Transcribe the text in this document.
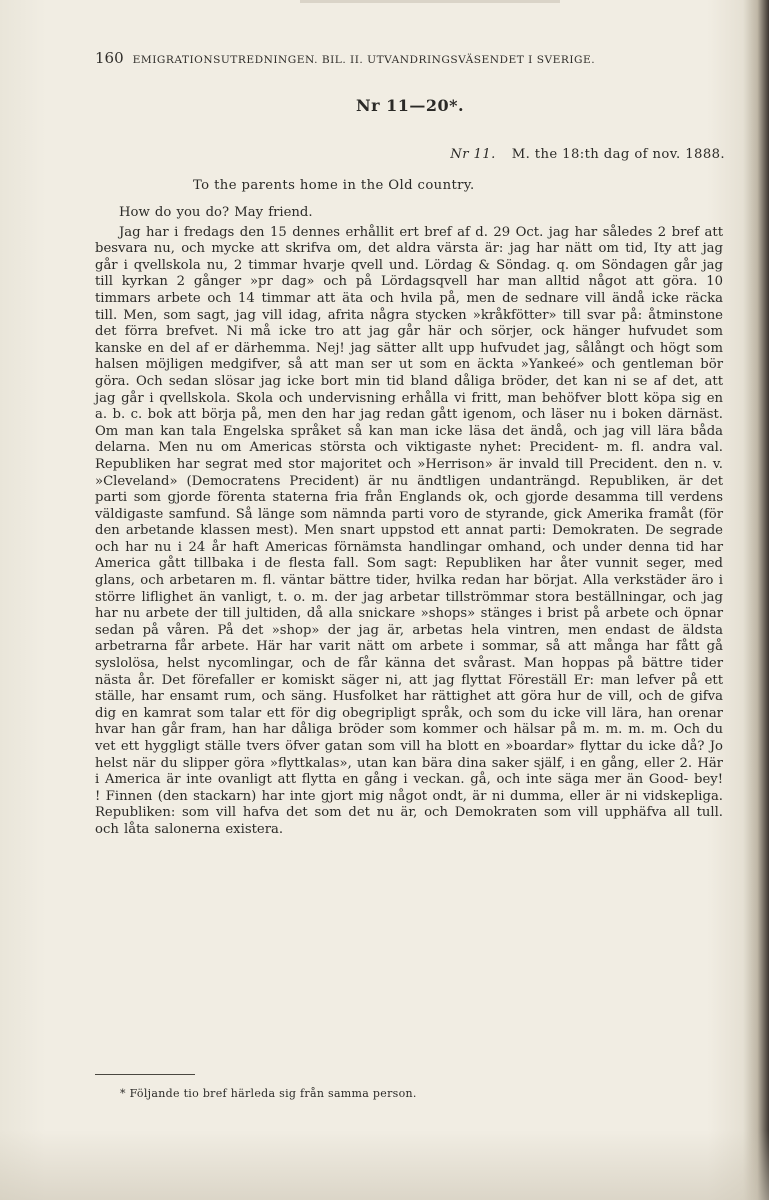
160 EMIGRATIONSUTREDNINGEN. BIL. II. UTVANDRINGSVÄSENDET I SVERIGE.
Nr 11—20*.
Nr 11. M. the 18:th dag of nov. 1888.
To the parents home in the Old country.

How do you do? May friend.

Jag har i fredags den 15 dennes erhållit ert bref af d. 29 Oct. jag har således 2 bref att besvara nu, och mycke att skrifva om, det aldra värsta är: jag har nätt om tid, Ity att jag går i qvellskola nu, 2 timmar hvarje qvell und. Lördag & Söndag. q. om Söndagen går jag till kyrkan 2 gånger »pr dag» och på Lördagsqvell har man alltid något att göra. 10 timmars arbete och 14 timmar att äta och hvila på, men de sednare vill ändå icke räcka till. Men, som sagt, jag vill idag, afrita några stycken »kråkfötter» till svar på: åtminstone det förra brefvet. Ni må icke tro att jag går här och sörjer, ock hänger hufvudet som kanske en del af er därhemma. Nej! jag sätter allt upp hufvudet jag, sålångt och högt som halsen möjligen medgifver, så att man ser ut som en äckta »Yankeé» och gentleman bör göra. Och sedan slösar jag icke bort min tid bland dåliga bröder, det kan ni se af det, att jag går i qvellskola. Skola och undervisning erhålla vi fritt, man behöfver blott köpa sig en a. b. c. bok att börja på, men den har jag redan gått igenom, och läser nu i boken därnäst. Om man kan tala Engelska språket så kan man icke läsa det ändå, och jag vill lära båda delarna. Men nu om Americas största och viktigaste nyhet: Precident- m. fl. andra val. Republiken har segrat med stor majoritet och »Herrison» är invald till Precident. den n. v. »Cleveland» (Democratens Precident) är nu ändtligen undanträngd. Republiken, är det parti som gjorde förenta staterna fria från Englands ok, och gjorde desamma till verdens väldigaste samfund. Så länge som nämnda parti voro de styrande, gick Amerika framåt (för den arbetande klassen mest). Men snart uppstod ett annat parti: Demokraten. De segrade och har nu i 24 år haft Americas förnämsta handlingar omhand, och under denna tid har America gått tillbaka i de flesta fall. Som sagt: Republiken har åter vunnit seger, med glans, och arbetaren m. fl. väntar bättre tider, hvilka redan har börjat. Alla verkstäder äro i större liflighet än vanligt, t. o. m. der jag arbetar tillströmmar stora beställningar, och jag har nu arbete der till jultiden, då alla snickare »shops» stänges i brist på arbete och öpnar sedan på våren. På det »shop» der jag är, arbetas hela vintren, men endast de äldsta arbetrarna får arbete. Här har varit nätt om arbete i sommar, så att många har fått gå syslolösa, helst nycomlingar, och de får känna det svårast. Man hoppas på bättre tider nästa år. Det förefaller er komiskt säger ni, att jag flyttat Föreställ Er: man lefver på ett ställe, har ensamt rum, och säng. Husfolket har rättighet att göra hur de vill, och de gifva dig en kamrat som talar ett för dig obegripligt språk, och som du icke vill lära, han orenar hvar han går fram, han har dåliga bröder som kommer och hälsar på m. m. m. m. Och du vet ett hyggligt ställe tvers öfver gatan som vill ha blott en »boardar» flyttar du icke då? Jo helst när du slipper göra »flyttkalas», utan kan bära dina saker själf, i en gång, eller 2. Här i America är inte ovanligt att flytta en gång i veckan. gå, och inte säga mer än Good- bey! ! Finnen (den stackarn) har inte gjort mig något ondt, är ni dumma, eller är ni vidskepliga. Republiken: som vill hafva det som det nu är, och Demokraten som vill upphäfva all tull. och låta salonerna existera.

* Följande tio bref härleda sig från samma person.
